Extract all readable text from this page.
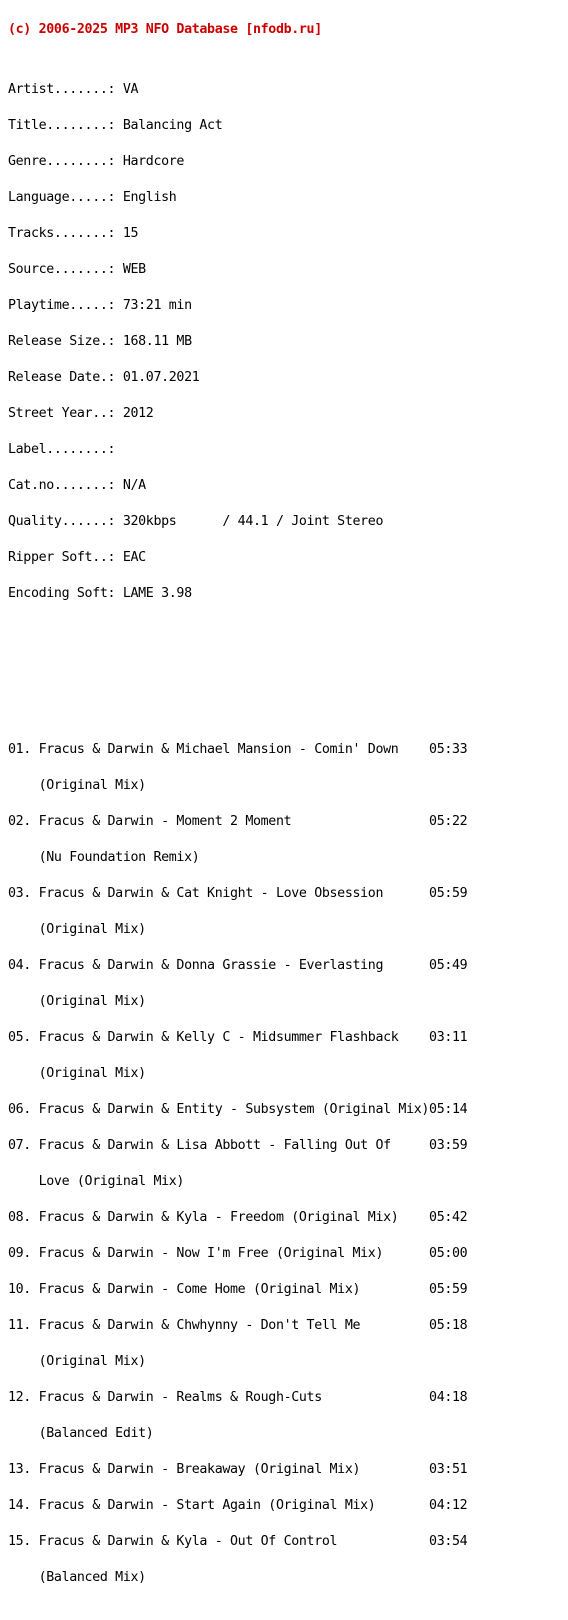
(c) 2006-2025 MP3 NFO Database [nfodb.ru]

Artist.......: VA

Title........: Balancing Act

Genre........: Hardcore

Language.....: English

Tracks.......: 15

Source.......: WEB

Playtime.....: 73:21 min

Release Size.: 168.11 MB

Release Date.: 01.07.2021

Street Year..: 2012

Label........:

Cat.no.......: N/A

Quality......: 320kbps      / 44.1 / Joint Stereo

Ripper Soft..: EAC

Encoding Soft: LAME 3.98

01. Fracus & Darwin & Michael Mansion - Comin' Down    05:33

(Original Mix)

02. Fracus & Darwin - Moment 2 Moment                  05:22

(Nu Foundation Remix)

03. Fracus & Darwin & Cat Knight - Love Obsession      05:59

(Original Mix)

04. Fracus & Darwin & Donna Grassie - Everlasting      05:49

(Original Mix)

05. Fracus & Darwin & Kelly C - Midsummer Flashback    03:11

(Original Mix)

06. Fracus & Darwin & Entity - Subsystem (Original Mix)05:14

07. Fracus & Darwin & Lisa Abbott - Falling Out Of     03:59

Love (Original Mix)

08. Fracus & Darwin & Kyla - Freedom (Original Mix)    05:42

09. Fracus & Darwin - Now I'm Free (Original Mix)      05:00

10. Fracus & Darwin - Come Home (Original Mix)         05:59

11. Fracus & Darwin & Chwhynny - Don't Tell Me         05:18

(Original Mix)

12. Fracus & Darwin - Realms & Rough-Cuts              04:18

(Balanced Edit)

13. Fracus & Darwin - Breakaway (Original Mix)         03:51

14. Fracus & Darwin - Start Again (Original Mix)       04:12

15. Fracus & Darwin & Kyla - Out Of Control            03:54

(Balanced Mix)
